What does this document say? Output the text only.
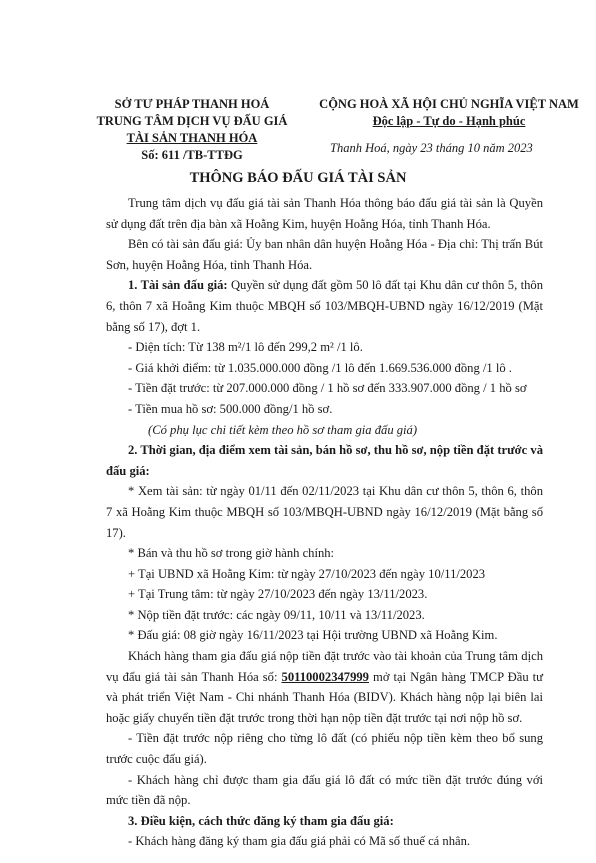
SỞ TƯ PHÁP THANH HOÁ
TRUNG TÂM DỊCH VỤ ĐẤU GIÁ
TÀI SẢN THANH HÓA
Số: 611 /TB-TTĐG
CỘNG HOÀ XÃ HỘI CHỦ NGHĨA VIỆT NAM
Độc lập - Tự do - Hạnh phúc
Thanh Hoá, ngày 23 tháng 10 năm 2023
THÔNG BÁO ĐẤU GIÁ TÀI SẢN

Trung tâm dịch vụ đấu giá tài sản Thanh Hóa thông báo đấu giá tài sản là Quyền sử dụng đất trên địa bàn xã Hoằng Kim, huyện Hoằng Hóa, tỉnh Thanh Hóa.

Bên có tài sản đấu giá: Ủy ban nhân dân huyện Hoằng Hóa - Địa chỉ: Thị trấn Bút Sơn, huyện Hoằng Hóa, tỉnh Thanh Hóa.

1. Tài sản đấu giá: Quyền sử dụng đất gồm 50 lô đất tại Khu dân cư thôn 5, thôn 6, thôn 7 xã Hoằng Kim thuộc MBQH số 103/MBQH-UBND ngày 16/12/2019 (Mặt bằng số 17), đợt 1.

- Diện tích: Từ 138 m²/1 lô đến 299,2 m² /1 lô.

- Giá khởi điểm: từ 1.035.000.000 đồng /1 lô đến 1.669.536.000 đồng /1 lô .

- Tiền đặt trước: từ 207.000.000 đồng / 1 hồ sơ đến 333.907.000 đồng / 1 hồ sơ

- Tiền mua hồ sơ: 500.000 đồng/1 hồ sơ.

(Có phụ lục chi tiết kèm theo hồ sơ tham gia đấu giá)

2. Thời gian, địa điểm xem tài sản, bán hồ sơ, thu hồ sơ, nộp tiền đặt trước và đấu giá:

* Xem tài sản: từ ngày 01/11 đến 02/11/2023 tại Khu dân cư thôn 5, thôn 6, thôn 7 xã Hoằng Kim thuộc MBQH số 103/MBQH-UBND ngày 16/12/2019 (Mặt bằng số 17).

* Bán và thu hồ sơ trong giờ hành chính:

+ Tại UBND xã Hoằng Kim: từ ngày 27/10/2023 đến ngày 10/11/2023

+ Tại Trung tâm: từ ngày 27/10/2023 đến ngày 13/11/2023.

* Nộp tiền đặt trước: các ngày 09/11, 10/11 và 13/11/2023.

* Đấu giá: 08 giờ ngày 16/11/2023 tại Hội trường UBND xã Hoằng Kim.

Khách hàng tham gia đấu giá nộp tiền đặt trước vào tài khoản của Trung tâm dịch vụ đấu giá tài sản Thanh Hóa số: 50110002347999 mở tại Ngân hàng TMCP Đầu tư và phát triển Việt Nam - Chi nhánh Thanh Hóa (BIDV). Khách hàng nộp lại biên lai hoặc giấy chuyển tiền đặt trước trong thời hạn nộp tiền đặt trước tại nơi nộp hồ sơ.

- Tiền đặt trước nộp riêng cho từng lô đất (có phiếu nộp tiền kèm theo bổ sung trước cuộc đấu giá).

- Khách hàng chỉ được tham gia đấu giá lô đất có mức tiền đặt trước đúng với mức tiền đã nộp.

3. Điều kiện, cách thức đăng ký tham gia đấu giá:

- Khách hàng đăng ký tham gia đấu giá phải có Mã số thuế cá nhân.
